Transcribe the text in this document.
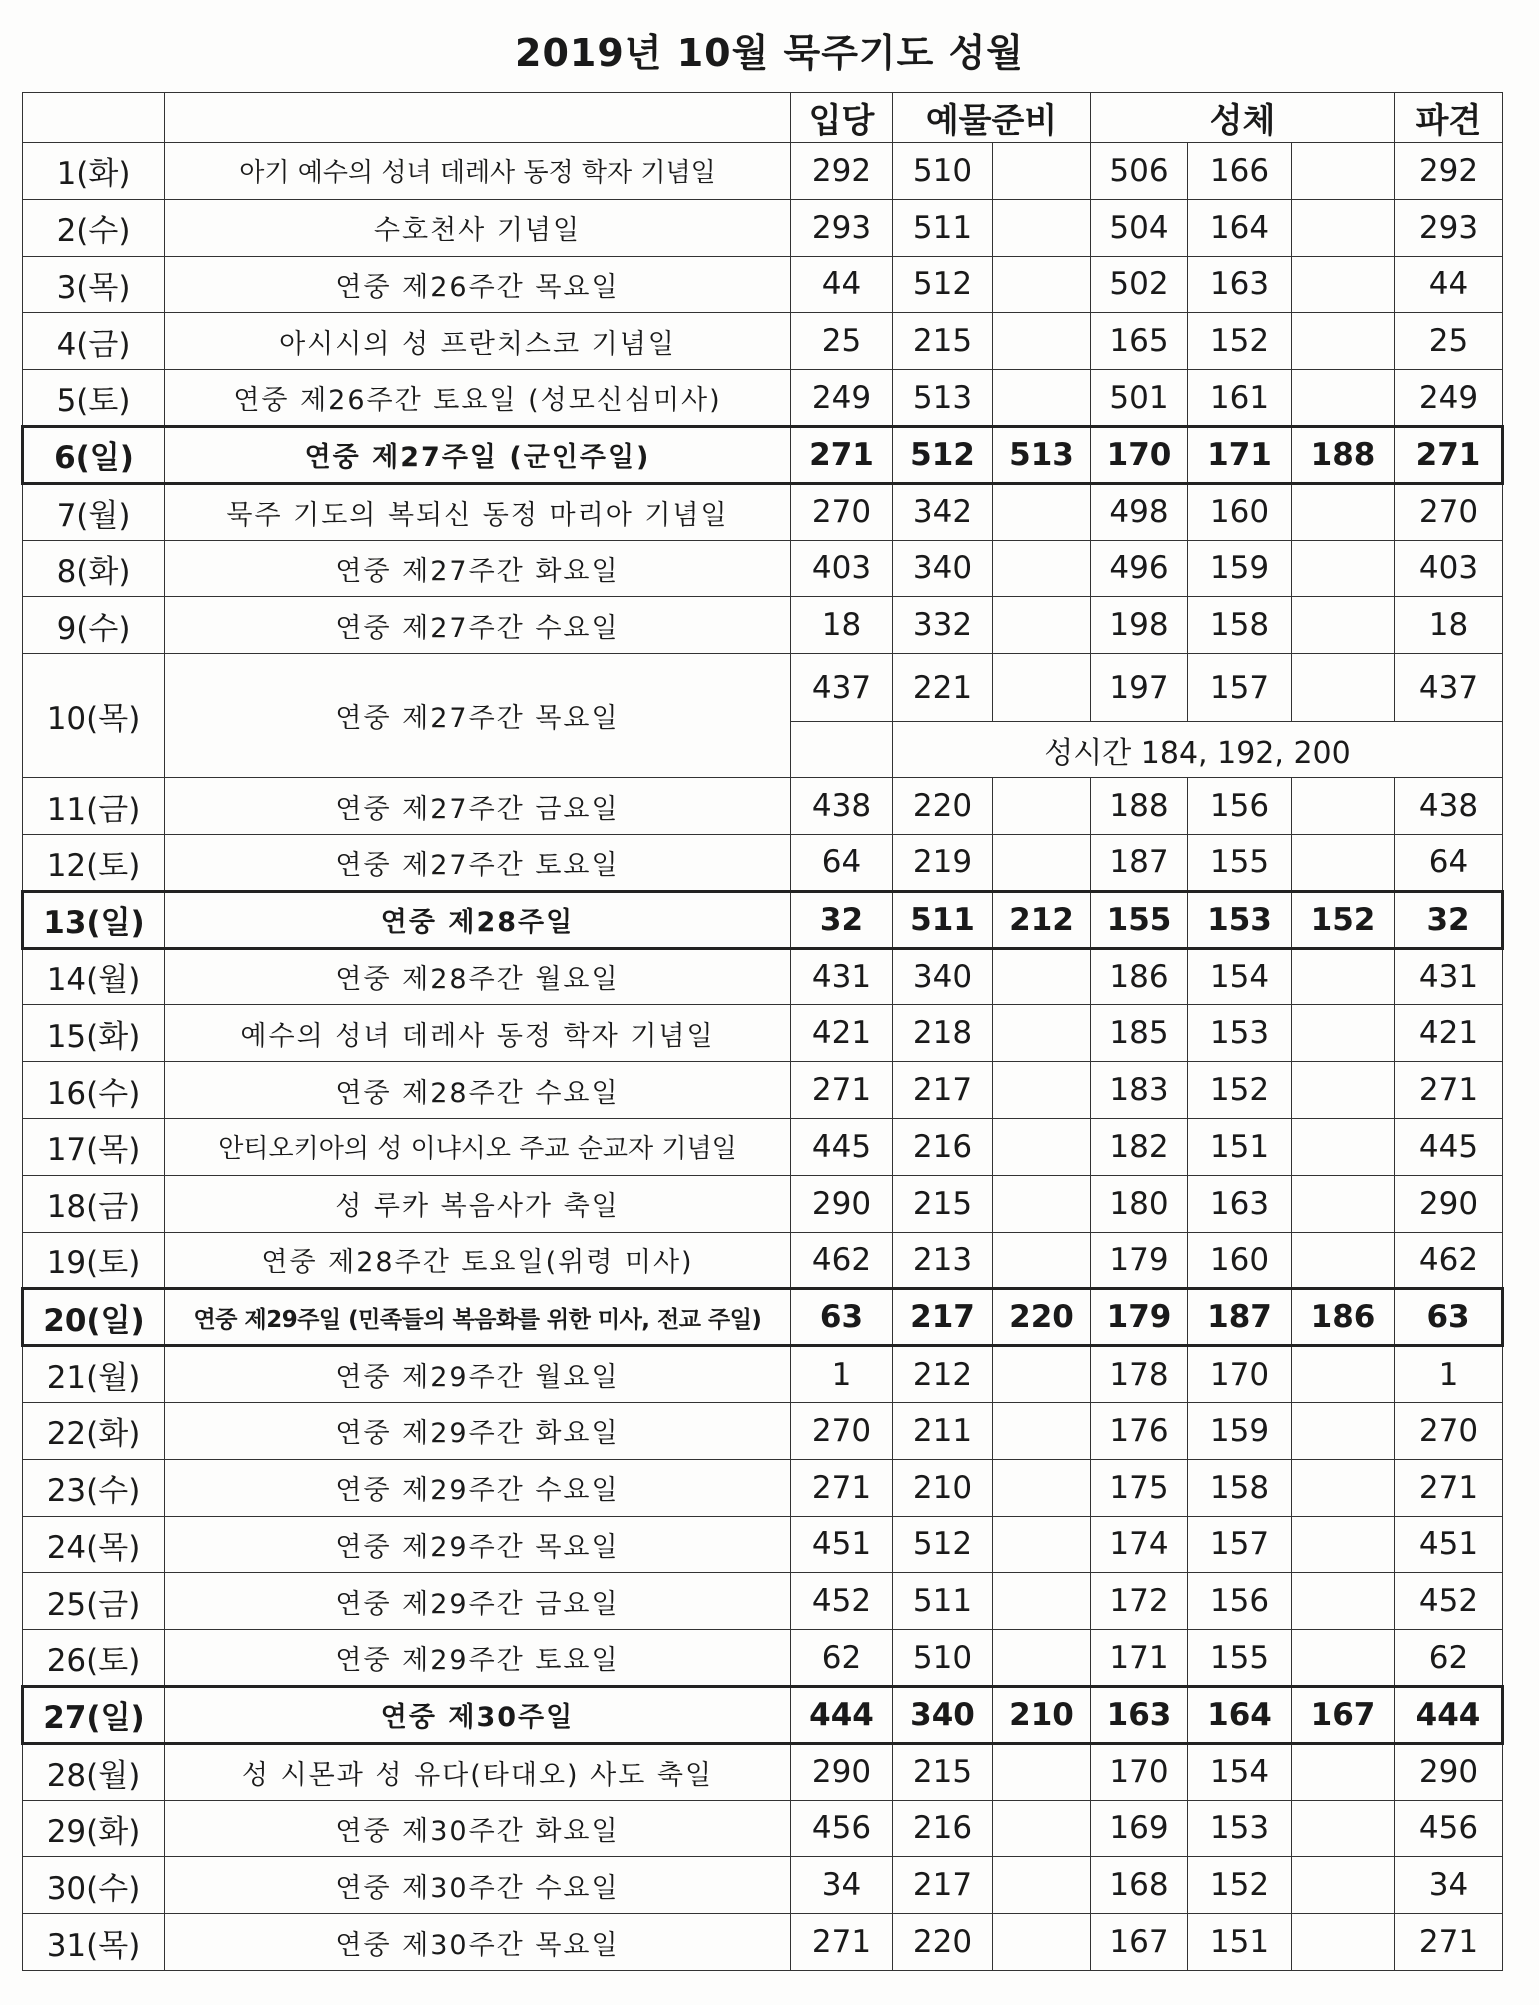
2019년 10월 묵주기도 성월
		입당	예물준비		성체			파견
1(화)	아기 예수의 성녀 데레사 동정 학자 기념일	292	510		506	166		292
2(수)	수호천사 기념일	293	511		504	164		293
3(목)	연중 제26주간 목요일	44	512		502	163		44
4(금)	아시시의 성 프란치스코 기념일	25	215		165	152		25
5(토)	연중 제26주간 토요일 (성모신심미사)	249	513		501	161		249
6(일)	연중 제27주일 (군인주일)	271	512	513	170	171	188	271
7(월)	묵주 기도의 복되신 동정 마리아 기념일	270	342		498	160		270
8(화)	연중 제27주간 화요일	403	340		496	159		403
9(수)	연중 제27주간 수요일	18	332		198	158		18
10(목)	연중 제27주간 목요일	437	221		197	157		437
			성시간 184, 192, 200					
11(금)	연중 제27주간 금요일	438	220		188	156		438
12(토)	연중 제27주간 토요일	64	219		187	155		64
13(일)	연중 제28주일	32	511	212	155	153	152	32
14(월)	연중 제28주간 월요일	431	340		186	154		431
15(화)	예수의 성녀 데레사 동정 학자 기념일	421	218		185	153		421
16(수)	연중 제28주간 수요일	271	217		183	152		271
17(목)	안티오키아의 성 이냐시오 주교 순교자 기념일	445	216		182	151		445
18(금)	성 루카 복음사가 축일	290	215		180	163		290
19(토)	연중 제28주간 토요일(위령 미사)	462	213		179	160		462
20(일)	연중 제29주일 (민족들의 복음화를 위한 미사, 전교 주일)	63	217	220	179	187	186	63
21(월)	연중 제29주간 월요일	1	212		178	170		1
22(화)	연중 제29주간 화요일	270	211		176	159		270
23(수)	연중 제29주간 수요일	271	210		175	158		271
24(목)	연중 제29주간 목요일	451	512		174	157		451
25(금)	연중 제29주간 금요일	452	511		172	156		452
26(토)	연중 제29주간 토요일	62	510		171	155		62
27(일)	연중 제30주일	444	340	210	163	164	167	444
28(월)	성 시몬과 성 유다(타대오) 사도 축일	290	215		170	154		290
29(화)	연중 제30주간 화요일	456	216		169	153		456
30(수)	연중 제30주간 수요일	34	217		168	152		34
31(목)	연중 제30주간 목요일	271	220		167	151		271
